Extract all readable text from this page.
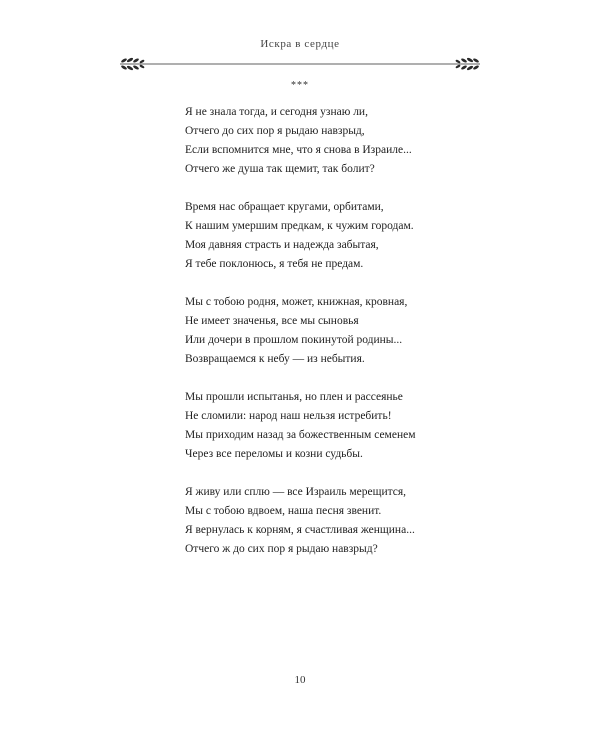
Искра в сердце
***
Я не знала тогда, и сегодня узнаю ли,
Отчего до сих пор я рыдаю навзрыд,
Если вспомнится мне, что я снова в Израиле...
Отчего же душа так щемит, так болит?
Время нас обращает кругами, орбитами,
К нашим умершим предкам, к чужим городам.
Моя давняя страсть и надежда забытая,
Я тебе поклонюсь, я тебя не предам.
Мы с тобою родня, может, книжная, кровная,
Не имеет значенья, все мы сыновья
Или дочери в прошлом покинутой родины...
Возвращаемся к небу — из небытия.
Мы прошли испытанья, но плен и рассеянье
Не сломили: народ наш нельзя истребить!
Мы приходим назад за божественным семенем
Через все переломы и козни судьбы.
Я живу или сплю — все Израиль мерещится,
Мы с тобою вдвоем, наша песня звенит.
Я вернулась к корням, я счастливая женщина...
Отчего ж до сих пор я рыдаю навзрыд?
10
